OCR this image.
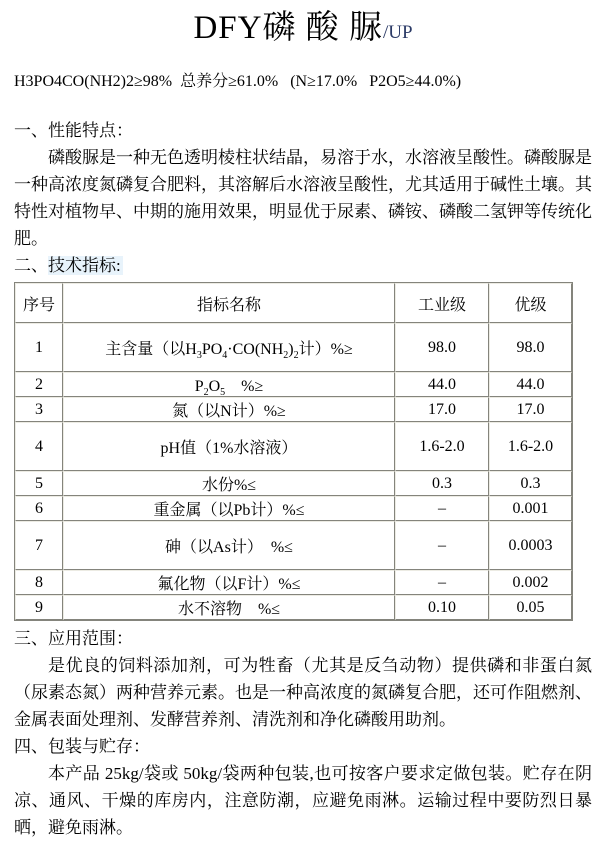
DFY磷 酸 脲/UP
H3PO4CO(NH2)2≥98%  总养分≥61.0%   (N≥17.0%   P2O5≥44.0%)
一、性能特点：

磷酸脲是一种无色透明棱柱状结晶，易溶于水，水溶液呈酸性。磷酸脲是一种高浓度氮磷复合肥料，其溶解后水溶液呈酸性，尤其适用于碱性土壤。其特性对植物早、中期的施用效果，明显优于尿素、磷铵、磷酸二氢钾等传统化肥。

二、技术指标:
序号	指标名称	工业级	优级
1	主含量（以$H_3PO_4\cdot CO(NH_2)_2$计）%≥	98.0	98.0
2	$P_2O_5$　%≥	44.0	44.0
3	氮（以N计）%≥	17.0	17.0
4	pH值（1%水溶液）	1.6-2.0	1.6-2.0
5	水份%≤	0.3	0.3
6	重金属（以Pb计）%≤	–	0.001
7	砷（以As计）　%≤	–	0.0003
8	氟化物（以F计）%≤	–	0.002
9	水不溶物　%≤	0.10	0.05
三、应用范围：

是优良的饲料添加剂，可为牲畜（尤其是反刍动物）提供磷和非蛋白氮（尿素态氮）两种营养元素。也是一种高浓度的氮磷复合肥，还可作阻燃剂、金属表面处理剂、发酵营养剂、清洗剂和净化磷酸用助剂。

四、包装与贮存：

本产品 25kg/袋或 50kg/袋两种包装,也可按客户要求定做包装。贮存在阴凉、通风、干燥的库房内，注意防潮，应避免雨淋。运输过程中要防烈日暴晒，避免雨淋。
